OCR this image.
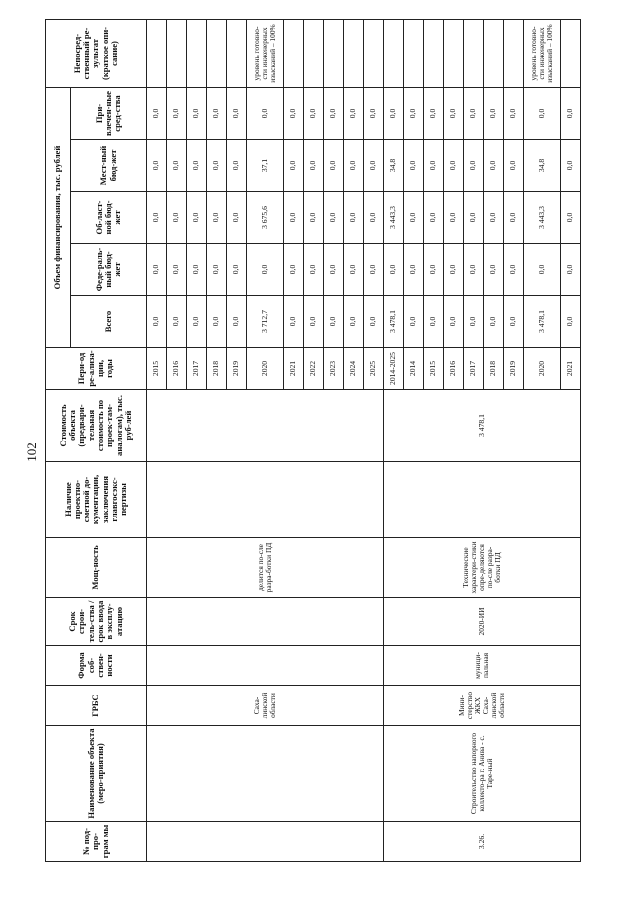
102
№ под-про-грам мы	Наименование объекта (меро-приятия)	ГРБС	Форма соб-ствен-ности	Срок строи-тель-ства / срок ввода в эксплу-атацию	Мощ-ность	Наличие проектно-сметной до-кументации, заключения главгосэкс-пертизы	Стоимость объекта (предвари-тельная стоимость по проек-там-аналогам), тыс. руб-лей	Пери-од ре-ализа-ции, годы	Объем финансирования, тыс. рублей					Непосред-ственный ре-зультат (краткое опи-сание)
									Всего	Феде-раль-ный бюд-жет	Об-ласт-ной бюд-жет	Мест-ный бюд-жет	При-влечен-ные сред-ства	
		Саха-линской области			делится по-сле разра-ботки ПД			2015	0,0	0,0	0,0	0,0	0,0	
								2016	0,0	0,0	0,0	0,0	0,0	
								2017	0,0	0,0	0,0	0,0	0,0	
								2018	0,0	0,0	0,0	0,0	0,0	
								2019	0,0	0,0	0,0	0,0	0,0	
								2020	3 712,7	0,0	3 675,6	37,1	0,0	уровень готовно-сти инженерных изысканий – 100%
								2021	0,0	0,0	0,0	0,0	0,0	
								2022	0,0	0,0	0,0	0,0	0,0	
								2023	0,0	0,0	0,0	0,0	0,0	
								2024	0,0	0,0	0,0	0,0	0,0	
								2025	0,0	0,0	0,0	0,0	0,0	
3.26.	Строительство напорного коллекто-ра г. Анива - с. Таре-ный	Мини-стерство ЖКХ Саха-линской области	муници-пальная	2020-ИИ	Технические характери-стики опре-деляются по-сле разра-ботки ПД		3 478,1	2014-2025	3 478,1	0,0	3 443,3	34,8	0,0	
								2014	0,0	0,0	0,0	0,0	0,0	
								2015	0,0	0,0	0,0	0,0	0,0	
								2016	0,0	0,0	0,0	0,0	0,0	
								2017	0,0	0,0	0,0	0,0	0,0	
								2018	0,0	0,0	0,0	0,0	0,0	
								2019	0,0	0,0	0,0	0,0	0,0	
								2020	3 478,1	0,0	3 443,3	34,8	0,0	уровень готовно-сти инженерных изысканий – 100%
								2021	0,0	0,0	0,0	0,0	0,0	
